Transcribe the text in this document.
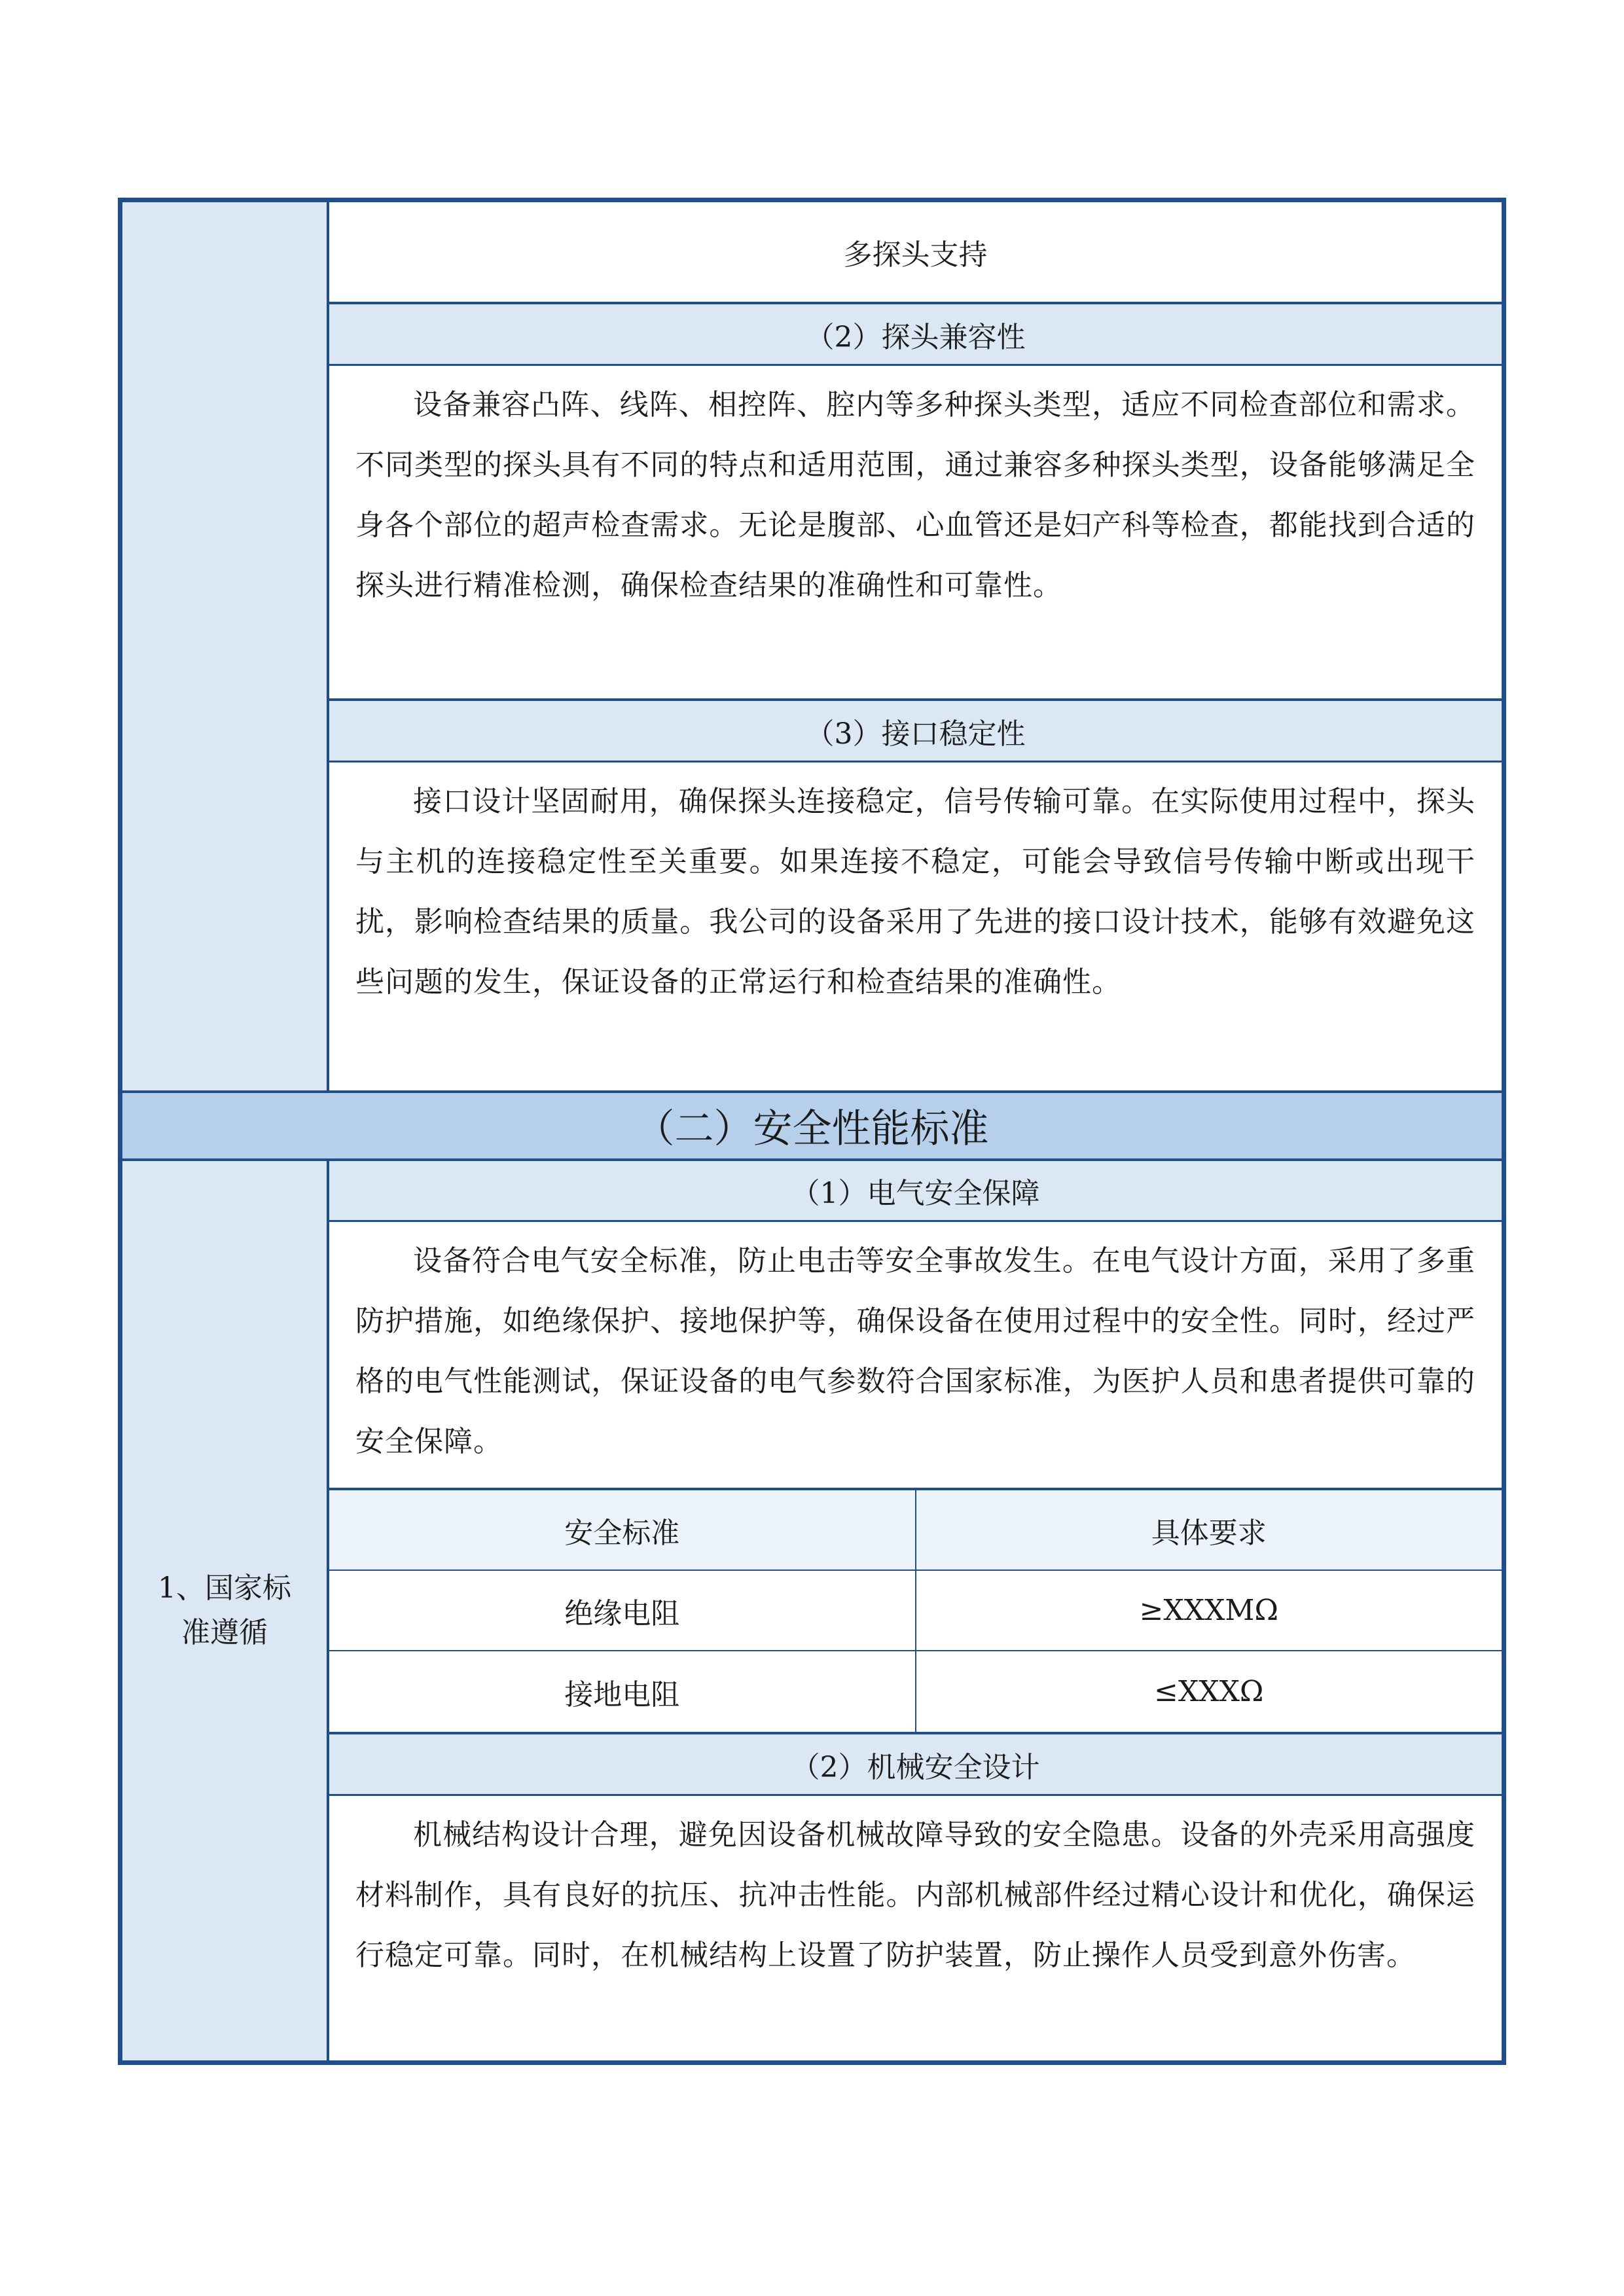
多探头支持
（2）探头兼容性
设备兼容凸阵、线阵、相控阵、腔内等多种探头类型，适应不同检查部位和需求。不同类型的探头具有不同的特点和适用范围，通过兼容多种探头类型，设备能够满足全身各个部位的超声检查需求。无论是腹部、心血管还是妇产科等检查，都能找到合适的探头进行精准检测，确保检查结果的准确性和可靠性。
（3）接口稳定性
接口设计坚固耐用，确保探头连接稳定，信号传输可靠。在实际使用过程中，探头与主机的连接稳定性至关重要。如果连接不稳定，可能会导致信号传输中断或出现干扰，影响检查结果的质量。我公司的设备采用了先进的接口设计技术，能够有效避免这些问题的发生，保证设备的正常运行和检查结果的准确性。
（二）安全性能标准
1、国家标准遵循
（1）电气安全保障
设备符合电气安全标准，防止电击等安全事故发生。在电气设计方面，采用了多重防护措施，如绝缘保护、接地保护等，确保设备在使用过程中的安全性。同时，经过严格的电气性能测试，保证设备的电气参数符合国家标准，为医护人员和患者提供可靠的安全保障。
安全标准	具体要求
绝缘电阻	≥XXXMΩ
接地电阻	≤XXXΩ
（2）机械安全设计
机械结构设计合理，避免因设备机械故障导致的安全隐患。设备的外壳采用高强度材料制作，具有良好的抗压、抗冲击性能。内部机械部件经过精心设计和优化，确保运行稳定可靠。同时，在机械结构上设置了防护装置，防止操作人员受到意外伤害。
